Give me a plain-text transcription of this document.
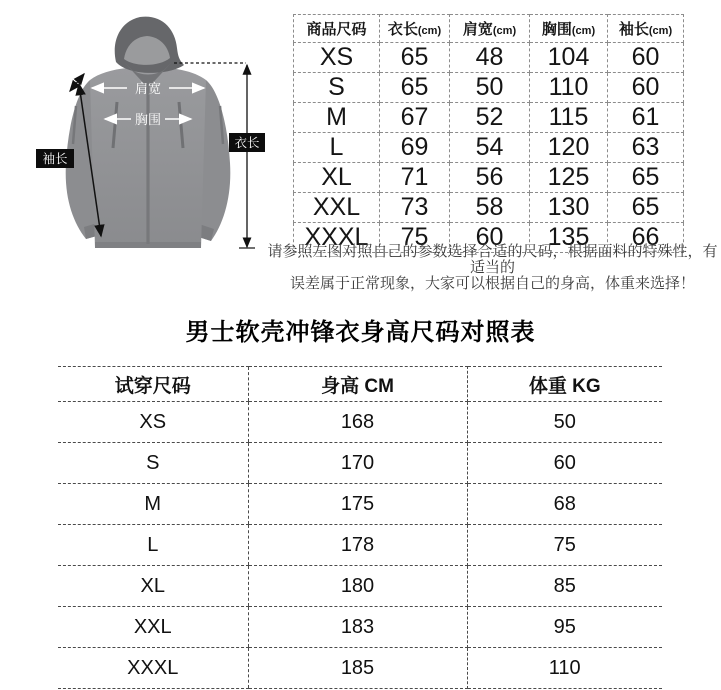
肩宽
胸围
袖长
衣长
商品尺码	衣长(cm)	肩宽(cm)	胸围(cm)	袖长(cm)
XS	65	48	104	60
S	65	50	110	60
M	67	52	115	61
L	69	54	120	63
XL	71	56	125	65
XXL	73	58	130	65
XXXL	75	60	135	66
请参照左图对照自己的参数选择合适的尺码，根据面料的特殊性，有适当的
误差属于正常现象，大家可以根据自己的身高，体重来选择！
男士软壳冲锋衣身高尺码对照表
试穿尺码	身高 CM	体重 KG
XS	168	50
S	170	60
M	175	68
L	178	75
XL	180	85
XXL	183	95
XXXL	185	110
